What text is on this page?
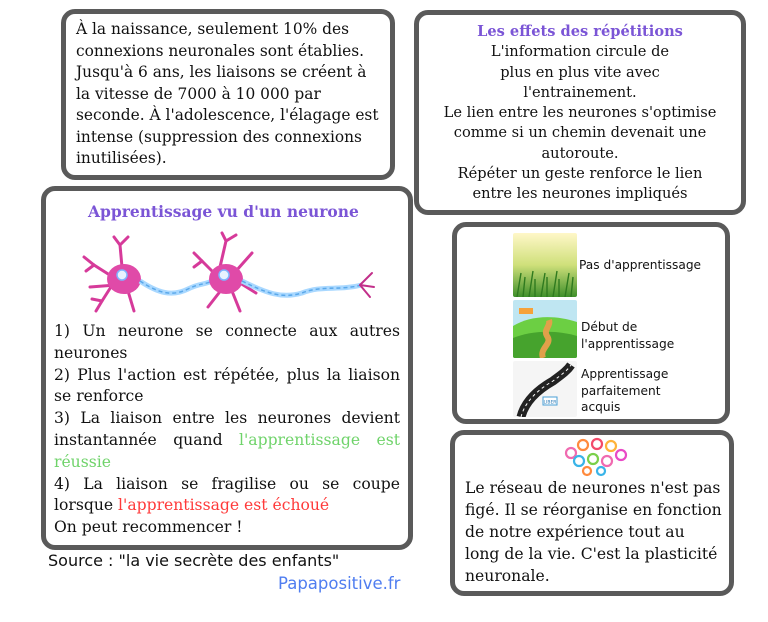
À la naissance, seulement 10% des connexions neuronales sont établies. Jusqu'à 6 ans, les liaisons se créent à la vitesse de 7000 à 10 000 par seconde. À l'adolescence, l'élagage est intense (suppression des connexions inutilisées).

Les effets des répétitions

L'information circule de plus en plus vite avec l'entrainement.

Le lien entre les neurones s'optimise comme si un chemin devenait une autoroute.

Répéter un geste renforce le lien entre les neurones impliqués

Apprentissage vu d'un neurone

1) Un neurone se connecte aux autres neurones

2) Plus l'action est répétée, plus la liaison se renforce

3) La liaison entre les neurones devient instantannée quand l'apprentissage est réussie

4) La liaison se fragilise ou se coupe lorsque l'apprentissage est échoué

On peut recommencer !

Pas d'apprentissage
Début de l'apprentissage
LIBER
Apprentissage parfaitement acquis

Le réseau de neurones n'est pas figé. Il se réorganise en fonction de notre expérience tout au long de la vie. C'est la plasticité neuronale.

Source : "la vie secrète des enfants"
Papapositive.fr
